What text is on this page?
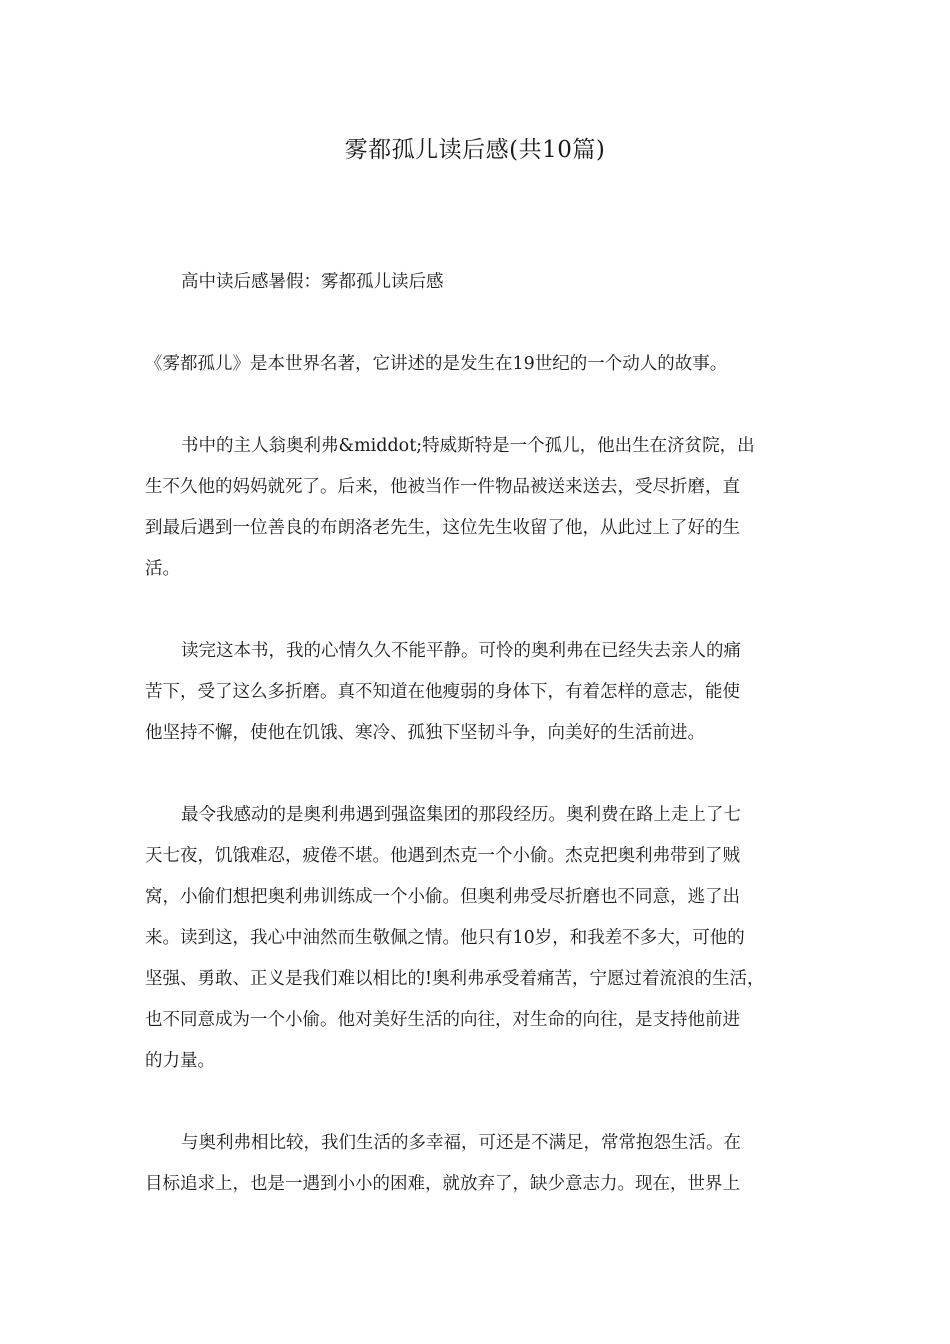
雾都孤儿读后感(共10篇)

高中读后感暑假：雾都孤儿读后感

《雾都孤儿》是本世界名著，它讲述的是发生在19世纪的一个动人的故事。

书中的主人翁奥利弗&middot;特威斯特是一个孤儿，他出生在济贫院，出
生不久他的妈妈就死了。后来，他被当作一件物品被送来送去，受尽折磨，直
到最后遇到一位善良的布朗洛老先生，这位先生收留了他，从此过上了好的生
活。

读完这本书，我的心情久久不能平静。可怜的奥利弗在已经失去亲人的痛
苦下，受了这么多折磨。真不知道在他瘦弱的身体下，有着怎样的意志，能使
他坚持不懈，使他在饥饿、寒冷、孤独下坚韧斗争，向美好的生活前进。

最令我感动的是奥利弗遇到强盗集团的那段经历。奥利费在路上走上了七
天七夜，饥饿难忍，疲倦不堪。他遇到杰克一个小偷。杰克把奥利弗带到了贼
窝，小偷们想把奥利弗训练成一个小偷。但奥利弗受尽折磨也不同意，逃了出
来。读到这，我心中油然而生敬佩之情。他只有10岁，和我差不多大，可他的
坚强、勇敢、正义是我们难以相比的!奥利弗承受着痛苦，宁愿过着流浪的生活，
也不同意成为一个小偷。他对美好生活的向往，对生命的向往，是支持他前进
的力量。

与奥利弗相比较，我们生活的多幸福，可还是不满足，常常抱怨生活。在
目标追求上，也是一遇到小小的困难，就放弃了，缺少意志力。现在，世界上
